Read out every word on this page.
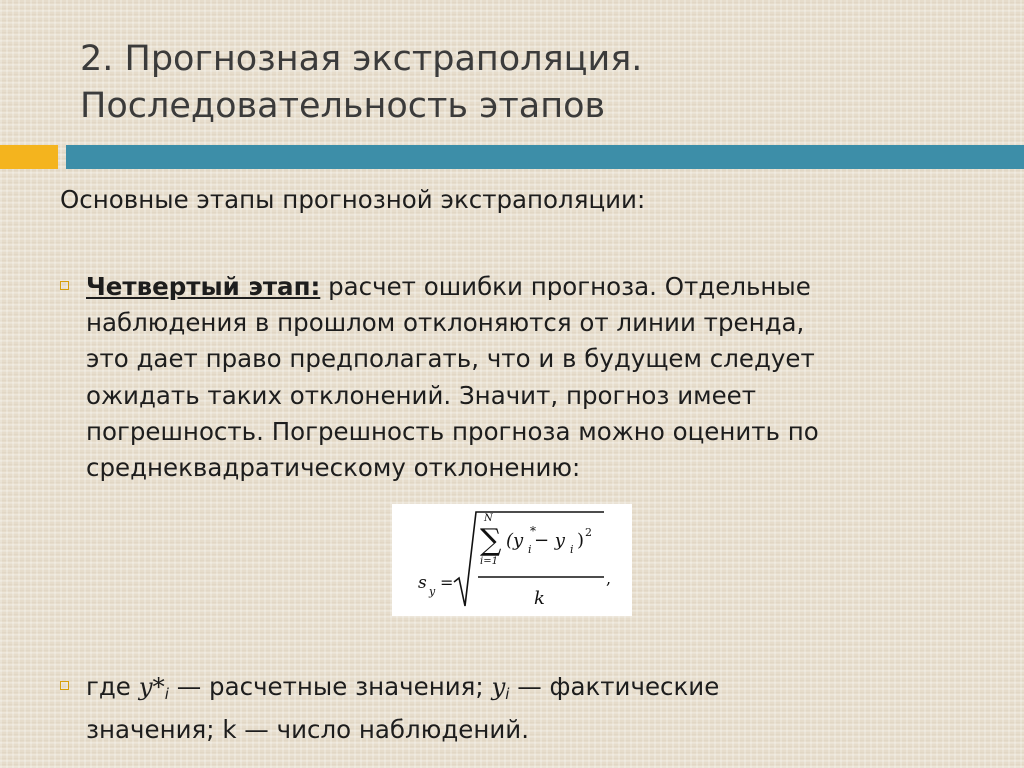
2. Прогнозная экстраполяция.
Последовательность этапов
Основные этапы прогнозной экстраполяции:
Четвертый этап: расчет ошибки прогноза. Отдельные
наблюдения в прошлом отклоняются от линии тренда,
это дает право предполагать, что и в будущем следует
ожидать таких отклонений. Значит, прогноз имеет
погрешность. Погрешность прогноза можно оценить по
среднеквадратическому отклонению:
s y =
N
∑
i=1
(y *
i − y i ) 2
k
,
где $y*_i$ — расчетные значения; $y_i$ — фактические
значения; k — число наблюдений.
